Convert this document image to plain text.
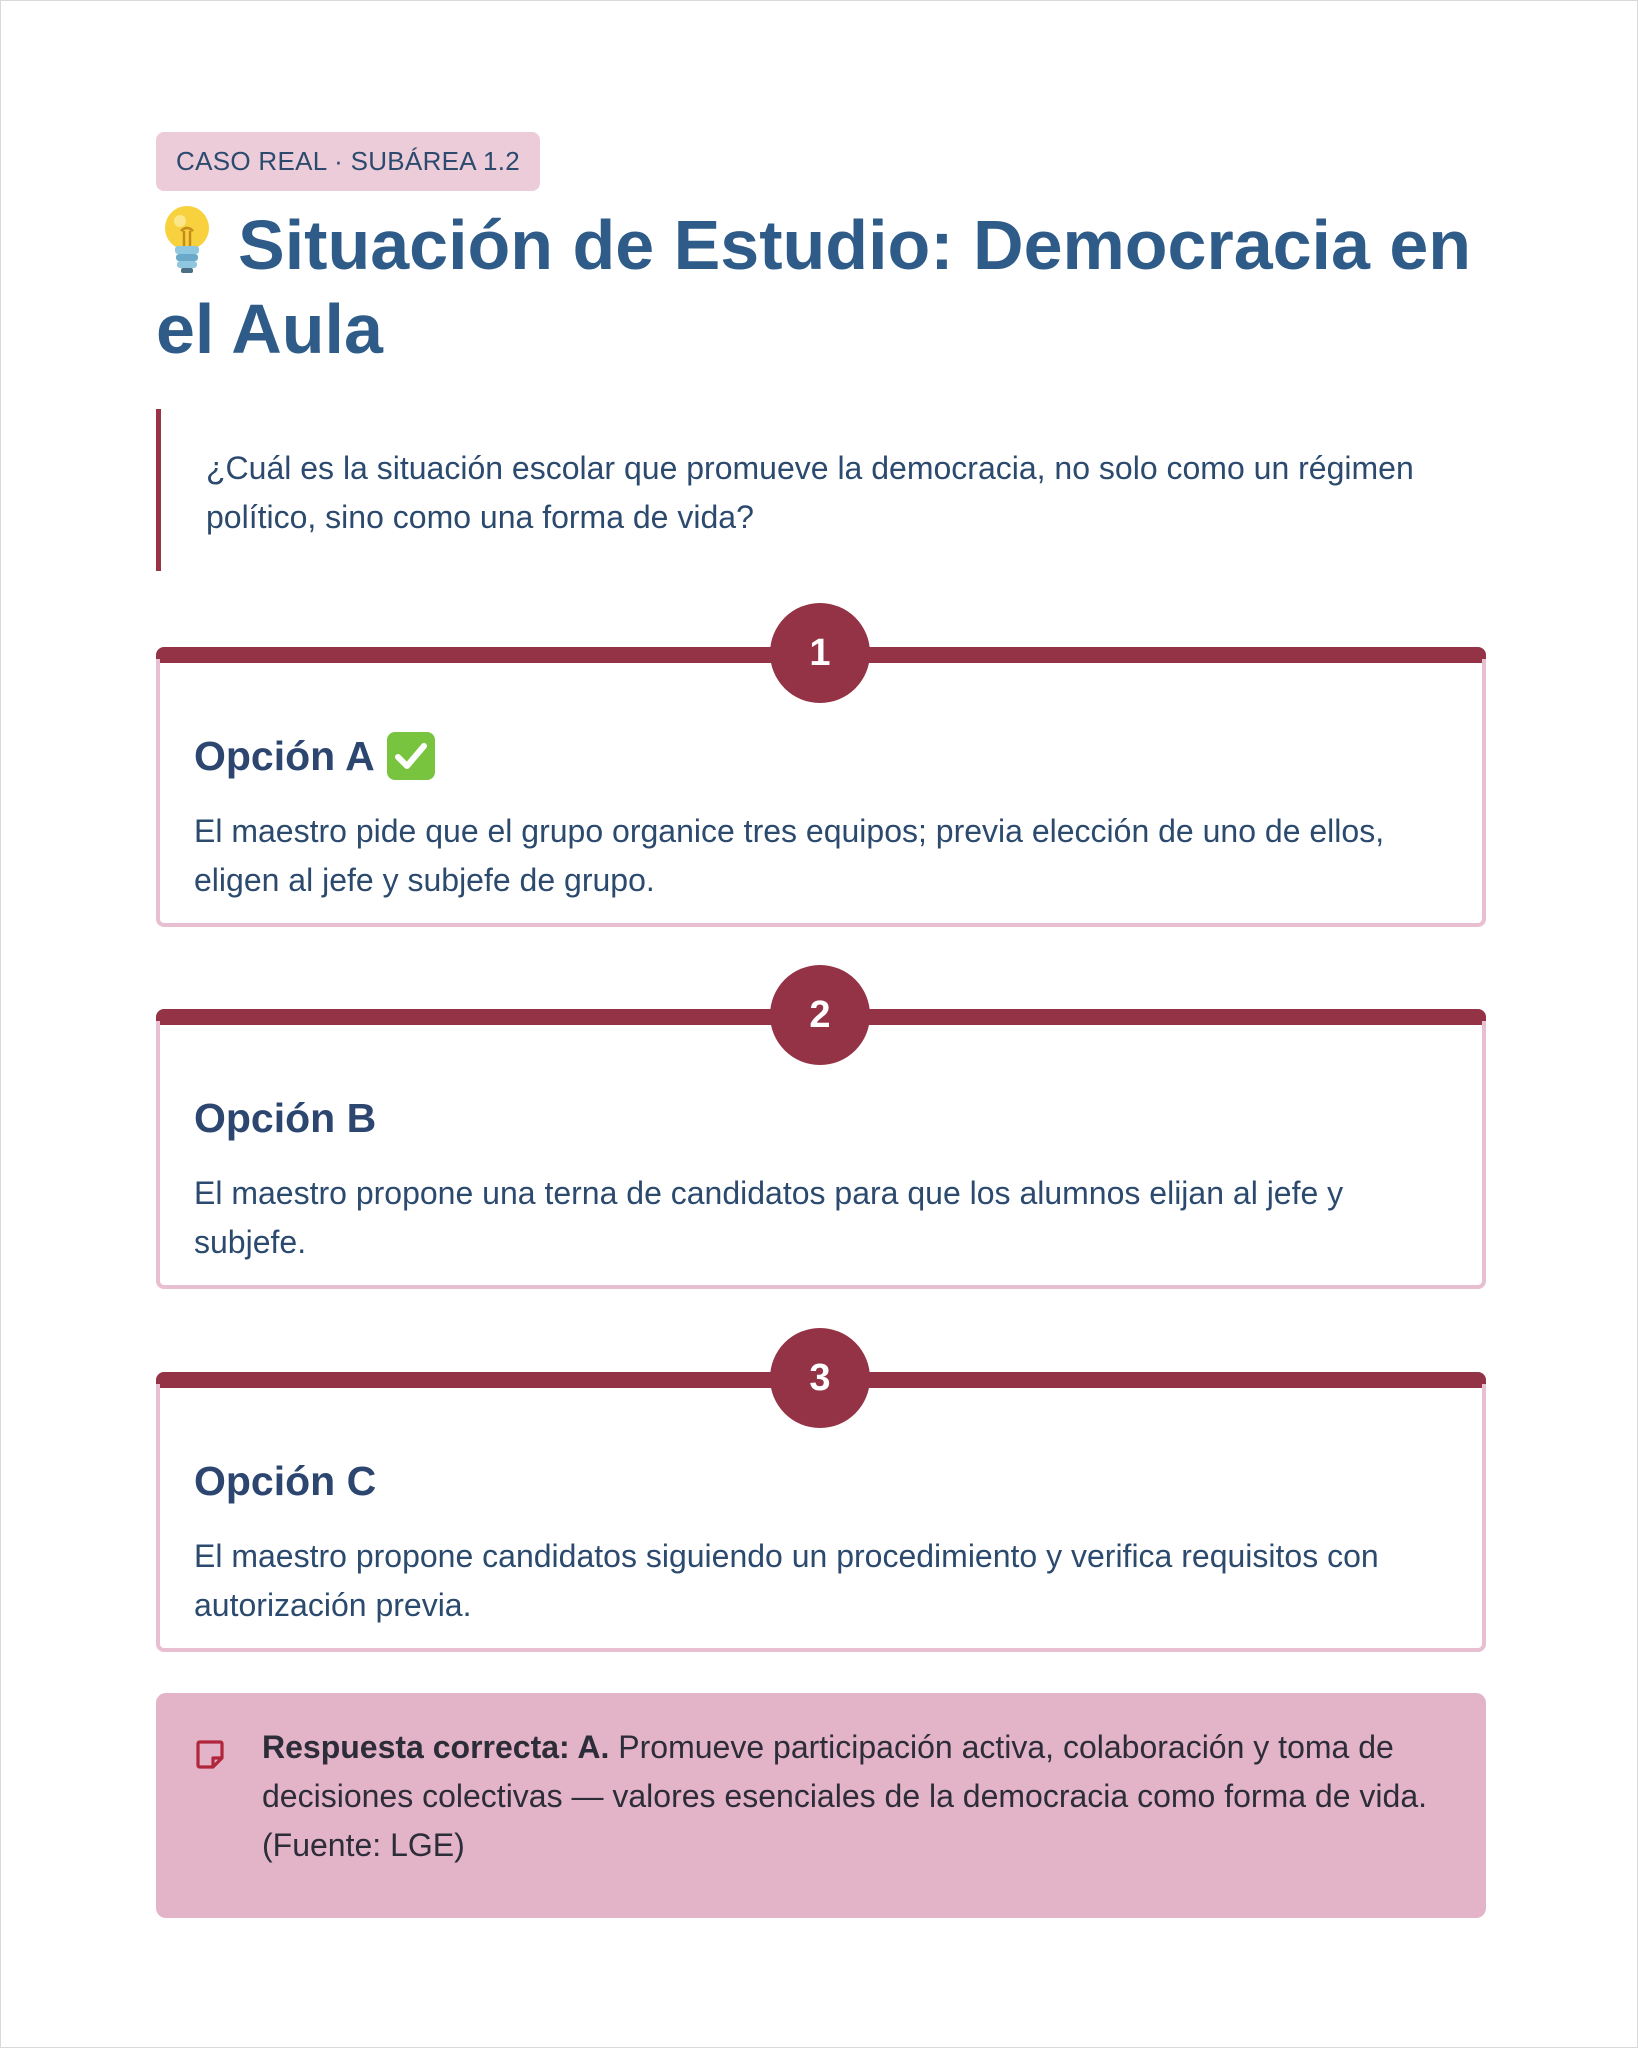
CASO REAL · SUBÁREA 1.2
Situación de Estudio: Democracia en el Aula
¿Cuál es la situación escolar que promueve la democracia, no solo como un régimen político, sino como una forma de vida?
1
Opción A

El maestro pide que el grupo organice tres equipos; previa elección de uno de ellos, eligen al jefe y subjefe de grupo.

2
Opción B

El maestro propone una terna de candidatos para que los alumnos elijan al jefe y subjefe.

3
Opción C

El maestro propone candidatos siguiendo un procedimiento y verifica requisitos con autorización previa.

Respuesta correcta: A. Promueve participación activa, colaboración y toma de decisiones colectivas — valores esenciales de la democracia como forma de vida. (Fuente: LGE)
